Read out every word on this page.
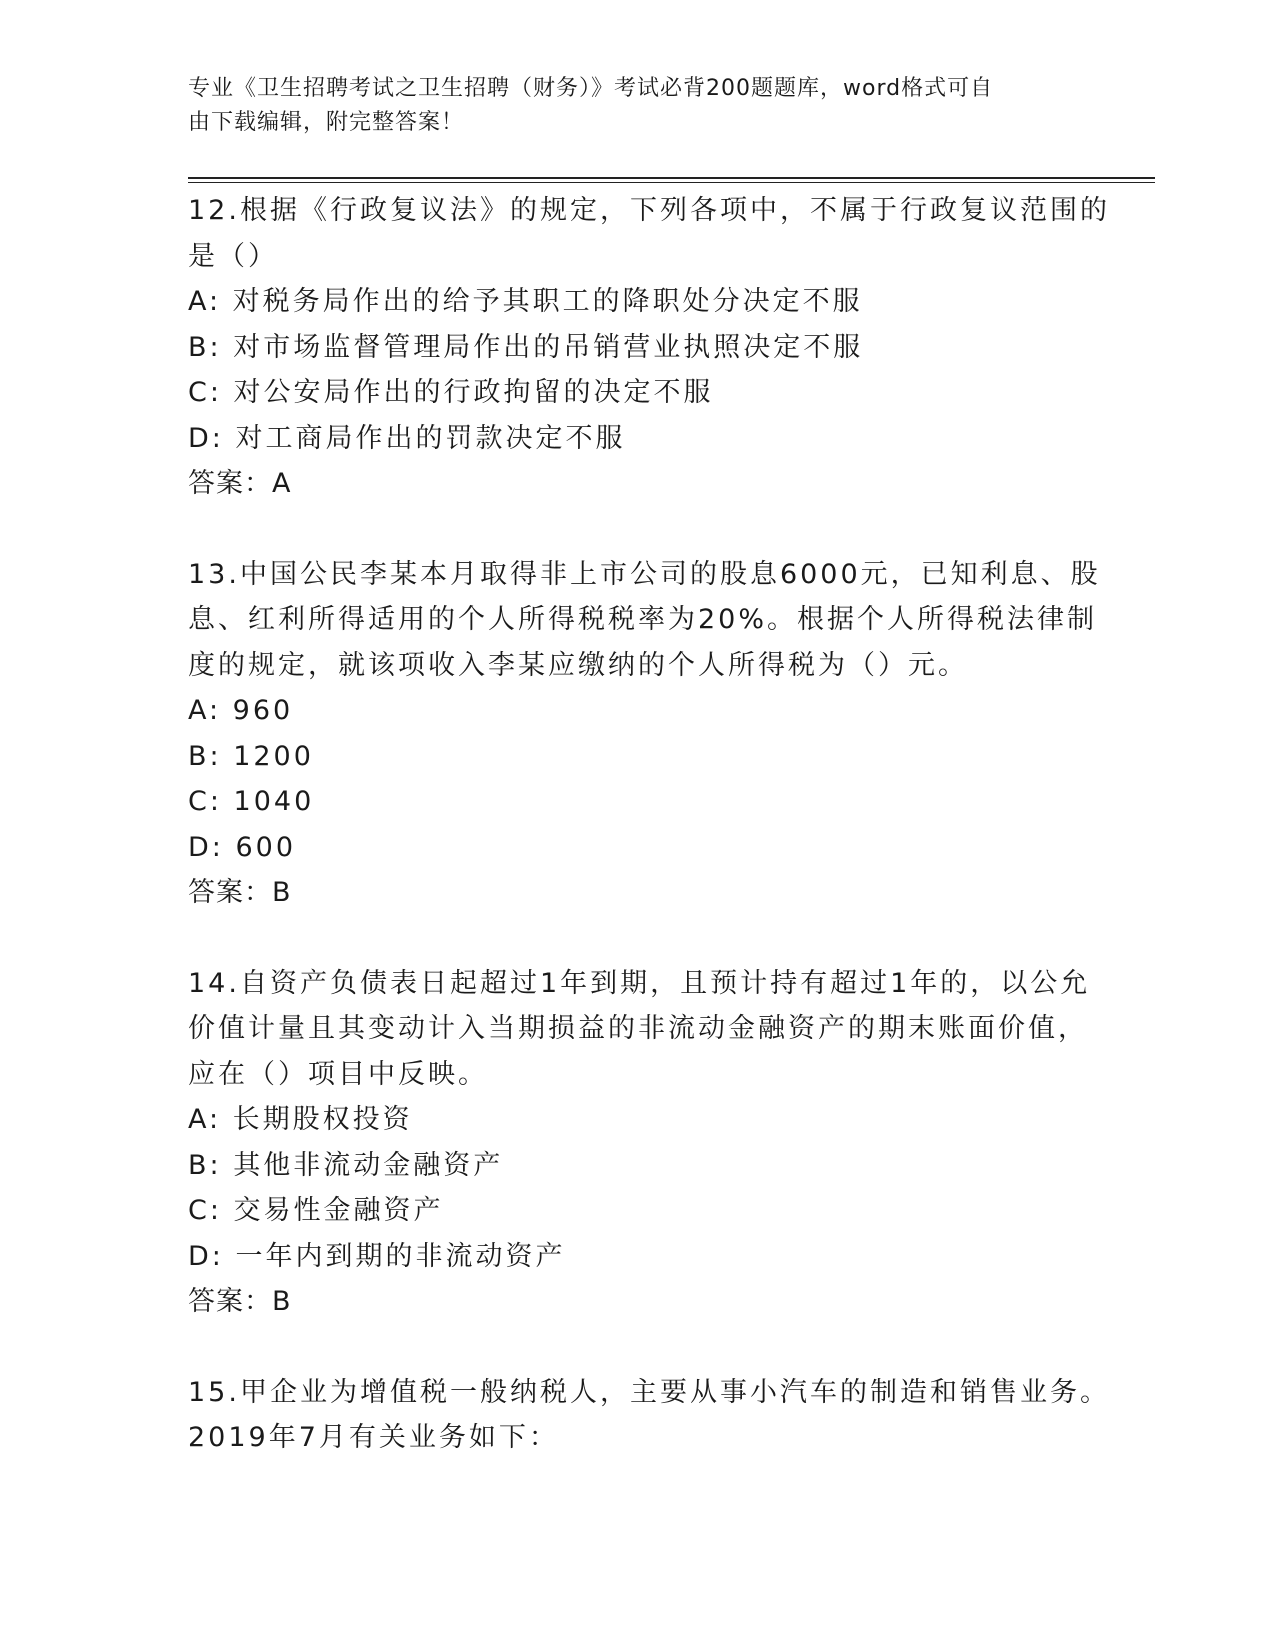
专业《卫生招聘考试之卫生招聘（财务）》考试必背200题题库，word格式可自
由下载编辑，附完整答案！
12.根据《行政复议法》的规定，下列各项中，不属于行政复议范围的
是（）
A: 对税务局作出的给予其职工的降职处分决定不服
B: 对市场监督管理局作出的吊销营业执照决定不服
C: 对公安局作出的行政拘留的决定不服
D: 对工商局作出的罚款决定不服
答案：A
13.中国公民李某本月取得非上市公司的股息6000元，已知利息、股
息、红利所得适用的个人所得税税率为20%。根据个人所得税法律制
度的规定，就该项收入李某应缴纳的个人所得税为（）元。
A: 960
B: 1200
C: 1040
D: 600
答案：B
14.自资产负债表日起超过1年到期，且预计持有超过1年的，以公允
价值计量且其变动计入当期损益的非流动金融资产的期末账面价值，
应在（）项目中反映。
A: 长期股权投资
B: 其他非流动金融资产
C: 交易性金融资产
D: 一年内到期的非流动资产
答案：B
15.甲企业为增值税一般纳税人，主要从事小汽车的制造和销售业务。
2019年7月有关业务如下：
